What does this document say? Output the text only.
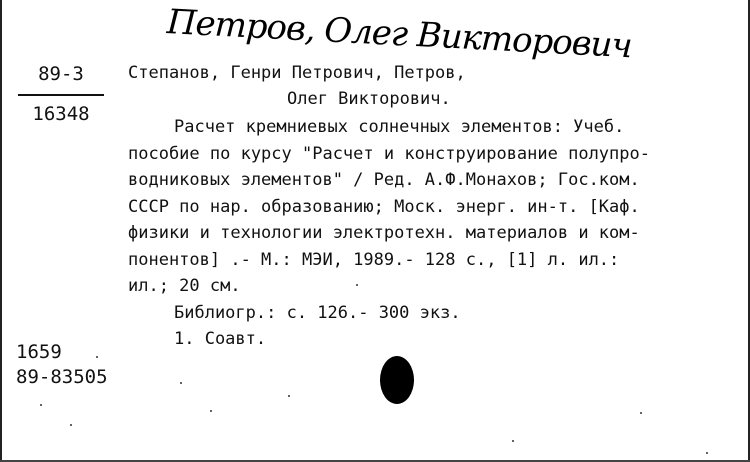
Петров, Олег Викторович
89-3
16348
Степанов, Генри Петрович, Петров,
Олег Викторович.
Расчет кремниевых солнечных элементов: Учеб.
пособие по курсу "Расчет и конструирование полупро-
водниковых элементов" / Ред. А.Ф.Монахов; Гос.ком.
СССР по нар. образованию; Моск. энерг. ин-т. [Каф.
физики и технологии электротехн. материалов и ком-
понентов] .- М.: МЭИ, 1989.- 128 с., [1] л. ил.:
ил.; 20 см.
Библиогр.: с. 126.- 300 экз.
1. Соавт.
1659
89-83505
